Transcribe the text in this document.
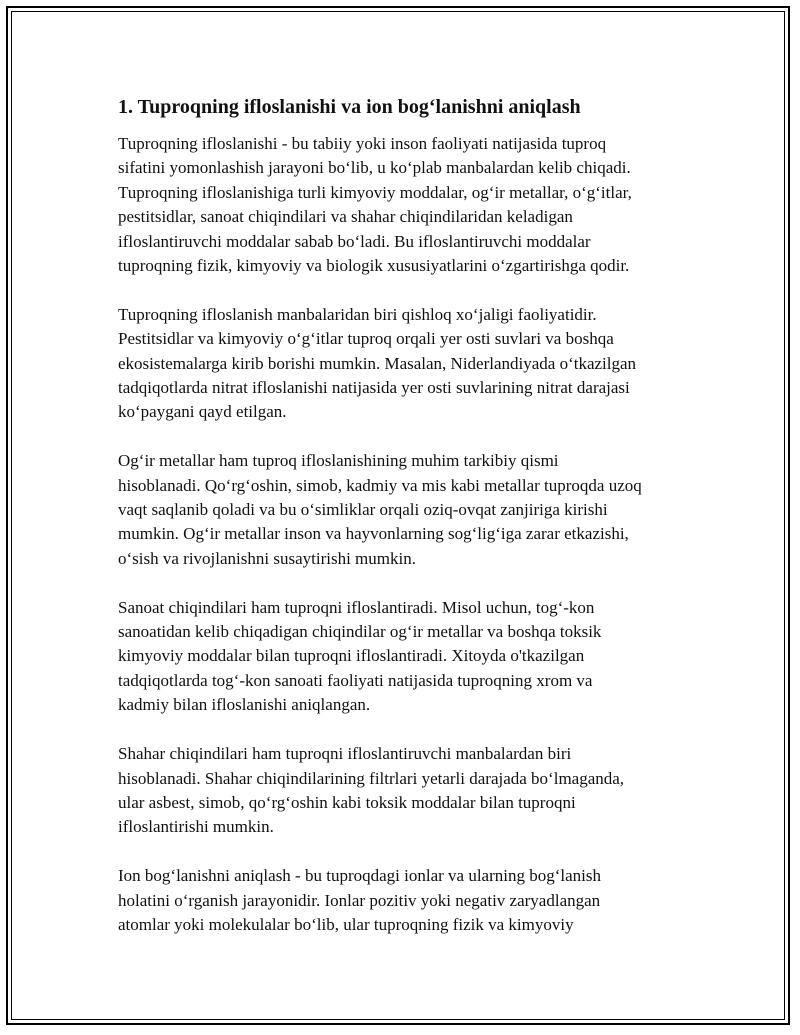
1. Tuproqning ifloslanishi va ion bog‘lanishni aniqlash

Tuproqning ifloslanishi - bu tabiiy yoki inson faoliyati natijasida tuproq
sifatini yomonlashish jarayoni bo‘lib, u ko‘plab manbalardan kelib chiqadi.
Tuproqning ifloslanishiga turli kimyoviy moddalar, og‘ir metallar, o‘g‘itlar,
pestitsidlar, sanoat chiqindilari va shahar chiqindilaridan keladigan
ifloslantiruvchi moddalar sabab bo‘ladi. Bu ifloslantiruvchi moddalar
tuproqning fizik, kimyoviy va biologik xususiyatlarini o‘zgartirishga qodir.

Tuproqning ifloslanish manbalaridan biri qishloq xo‘jaligi faoliyatidir.
Pestitsidlar va kimyoviy o‘g‘itlar tuproq orqali yer osti suvlari va boshqa
ekosistemalarga kirib borishi mumkin. Masalan, Niderlandiyada o‘tkazilgan
tadqiqotlarda nitrat ifloslanishi natijasida yer osti suvlarining nitrat darajasi
ko‘paygani qayd etilgan.

Og‘ir metallar ham tuproq ifloslanishining muhim tarkibiy qismi
hisoblanadi. Qo‘rg‘oshin, simob, kadmiy va mis kabi metallar tuproqda uzoq
vaqt saqlanib qoladi va bu o‘simliklar orqali oziq-ovqat zanjiriga kirishi
mumkin. Og‘ir metallar inson va hayvonlarning sog‘lig‘iga zarar etkazishi,
o‘sish va rivojlanishni susaytirishi mumkin.

Sanoat chiqindilari ham tuproqni ifloslantiradi. Misol uchun, tog‘-kon
sanoatidan kelib chiqadigan chiqindilar og‘ir metallar va boshqa toksik
kimyoviy moddalar bilan tuproqni ifloslantiradi. Xitoyda o'tkazilgan
tadqiqotlarda tog‘-kon sanoati faoliyati natijasida tuproqning xrom va
kadmiy bilan ifloslanishi aniqlangan.

Shahar chiqindilari ham tuproqni ifloslantiruvchi manbalardan biri
hisoblanadi. Shahar chiqindilarining filtrlari yetarli darajada bo‘lmaganda,
ular asbest, simob, qo‘rg‘oshin kabi toksik moddalar bilan tuproqni
ifloslantirishi mumkin.

Ion bog‘lanishni aniqlash - bu tuproqdagi ionlar va ularning bog‘lanish
holatini o‘rganish jarayonidir. Ionlar pozitiv yoki negativ zaryadlangan
atomlar yoki molekulalar bo‘lib, ular tuproqning fizik va kimyoviy
